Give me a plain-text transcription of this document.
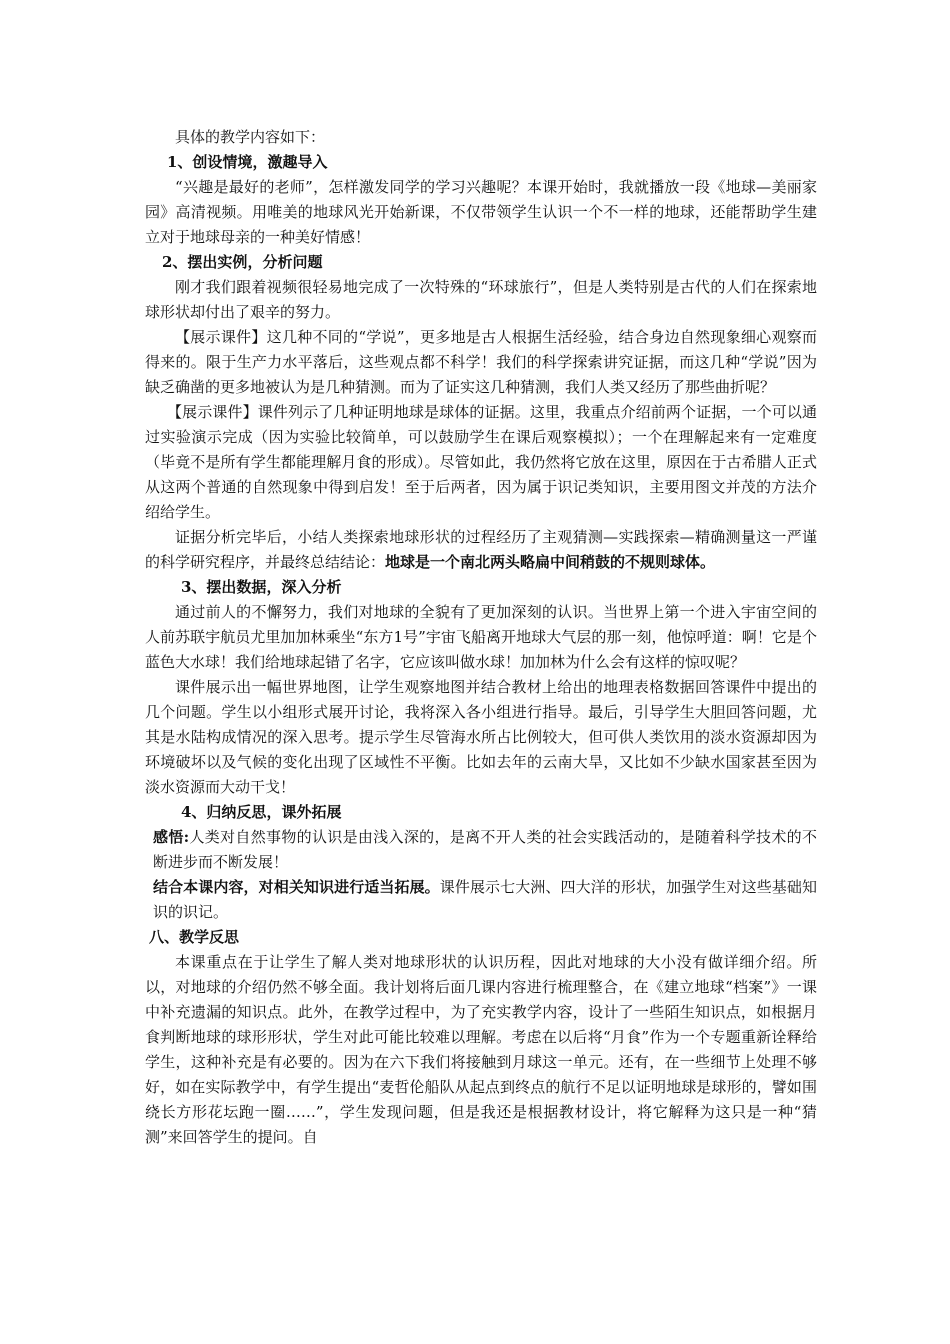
具体的教学内容如下：

1、创设情境，激趣导入

“兴趣是最好的老师”，怎样激发同学的学习兴趣呢？本课开始时，我就播放一段《地球—美丽家园》高清视频。用唯美的地球风光开始新课，不仅带领学生认识一个不一样的地球，还能帮助学生建立对于地球母亲的一种美好情感！

2、摆出实例，分析问题

刚才我们跟着视频很轻易地完成了一次特殊的“环球旅行”，但是人类特别是古代的人们在探索地球形状却付出了艰辛的努力。

【展示课件】这几种不同的“学说”，更多地是古人根据生活经验，结合身边自然现象细心观察而得来的。限于生产力水平落后，这些观点都不科学！我们的科学探索讲究证据，而这几种“学说”因为缺乏确凿的更多地被认为是几种猜测。而为了证实这几种猜测，我们人类又经历了那些曲折呢？

【展示课件】课件列示了几种证明地球是球体的证据。这里，我重点介绍前两个证据，一个可以通过实验演示完成（因为实验比较简单，可以鼓励学生在课后观察模拟）；一个在理解起来有一定难度（毕竟不是所有学生都能理解月食的形成）。尽管如此，我仍然将它放在这里，原因在于古希腊人正式从这两个普通的自然现象中得到启发！至于后两者，因为属于识记类知识，主要用图文并茂的方法介绍给学生。

证据分析完毕后，小结人类探索地球形状的过程经历了主观猜测—实践探索—精确测量这一严谨的科学研究程序，并最终总结结论：地球是一个南北两头略扁中间稍鼓的不规则球体。

3、摆出数据，深入分析

通过前人的不懈努力，我们对地球的全貌有了更加深刻的认识。当世界上第一个进入宇宙空间的人前苏联宇航员尤里加加林乘坐“东方1号”宇宙飞船离开地球大气层的那一刻，他惊呼道：啊！它是个蓝色大水球！我们给地球起错了名字，它应该叫做水球！加加林为什么会有这样的惊叹呢？

课件展示出一幅世界地图，让学生观察地图并结合教材上给出的地理表格数据回答课件中提出的几个问题。学生以小组形式展开讨论，我将深入各小组进行指导。最后，引导学生大胆回答问题，尤其是水陆构成情况的深入思考。提示学生尽管海水所占比例较大，但可供人类饮用的淡水资源却因为环境破坏以及气候的变化出现了区域性不平衡。比如去年的云南大旱，又比如不少缺水国家甚至因为淡水资源而大动干戈！

4、归纳反思，课外拓展

感悟:人类对自然事物的认识是由浅入深的，是离不开人类的社会实践活动的，是随着科学技术的不断进步而不断发展！

结合本课内容，对相关知识进行适当拓展。课件展示七大洲、四大洋的形状，加强学生对这些基础知识的识记。

八、教学反思

本课重点在于让学生了解人类对地球形状的认识历程，因此对地球的大小没有做详细介绍。所以，对地球的介绍仍然不够全面。我计划将后面几课内容进行梳理整合，在《建立地球“档案”》一课中补充遗漏的知识点。此外，在教学过程中，为了充实教学内容，设计了一些陌生知识点，如根据月食判断地球的球形形状，学生对此可能比较难以理解。考虑在以后将“月食”作为一个专题重新诠释给学生，这种补充是有必要的。因为在六下我们将接触到月球这一单元。还有，在一些细节上处理不够好，如在实际教学中，有学生提出“麦哲伦船队从起点到终点的航行不足以证明地球是球形的，譬如围绕长方形花坛跑一圈……”，学生发现问题，但是我还是根据教材设计，将它解释为这只是一种“猜测”来回答学生的提问。自
